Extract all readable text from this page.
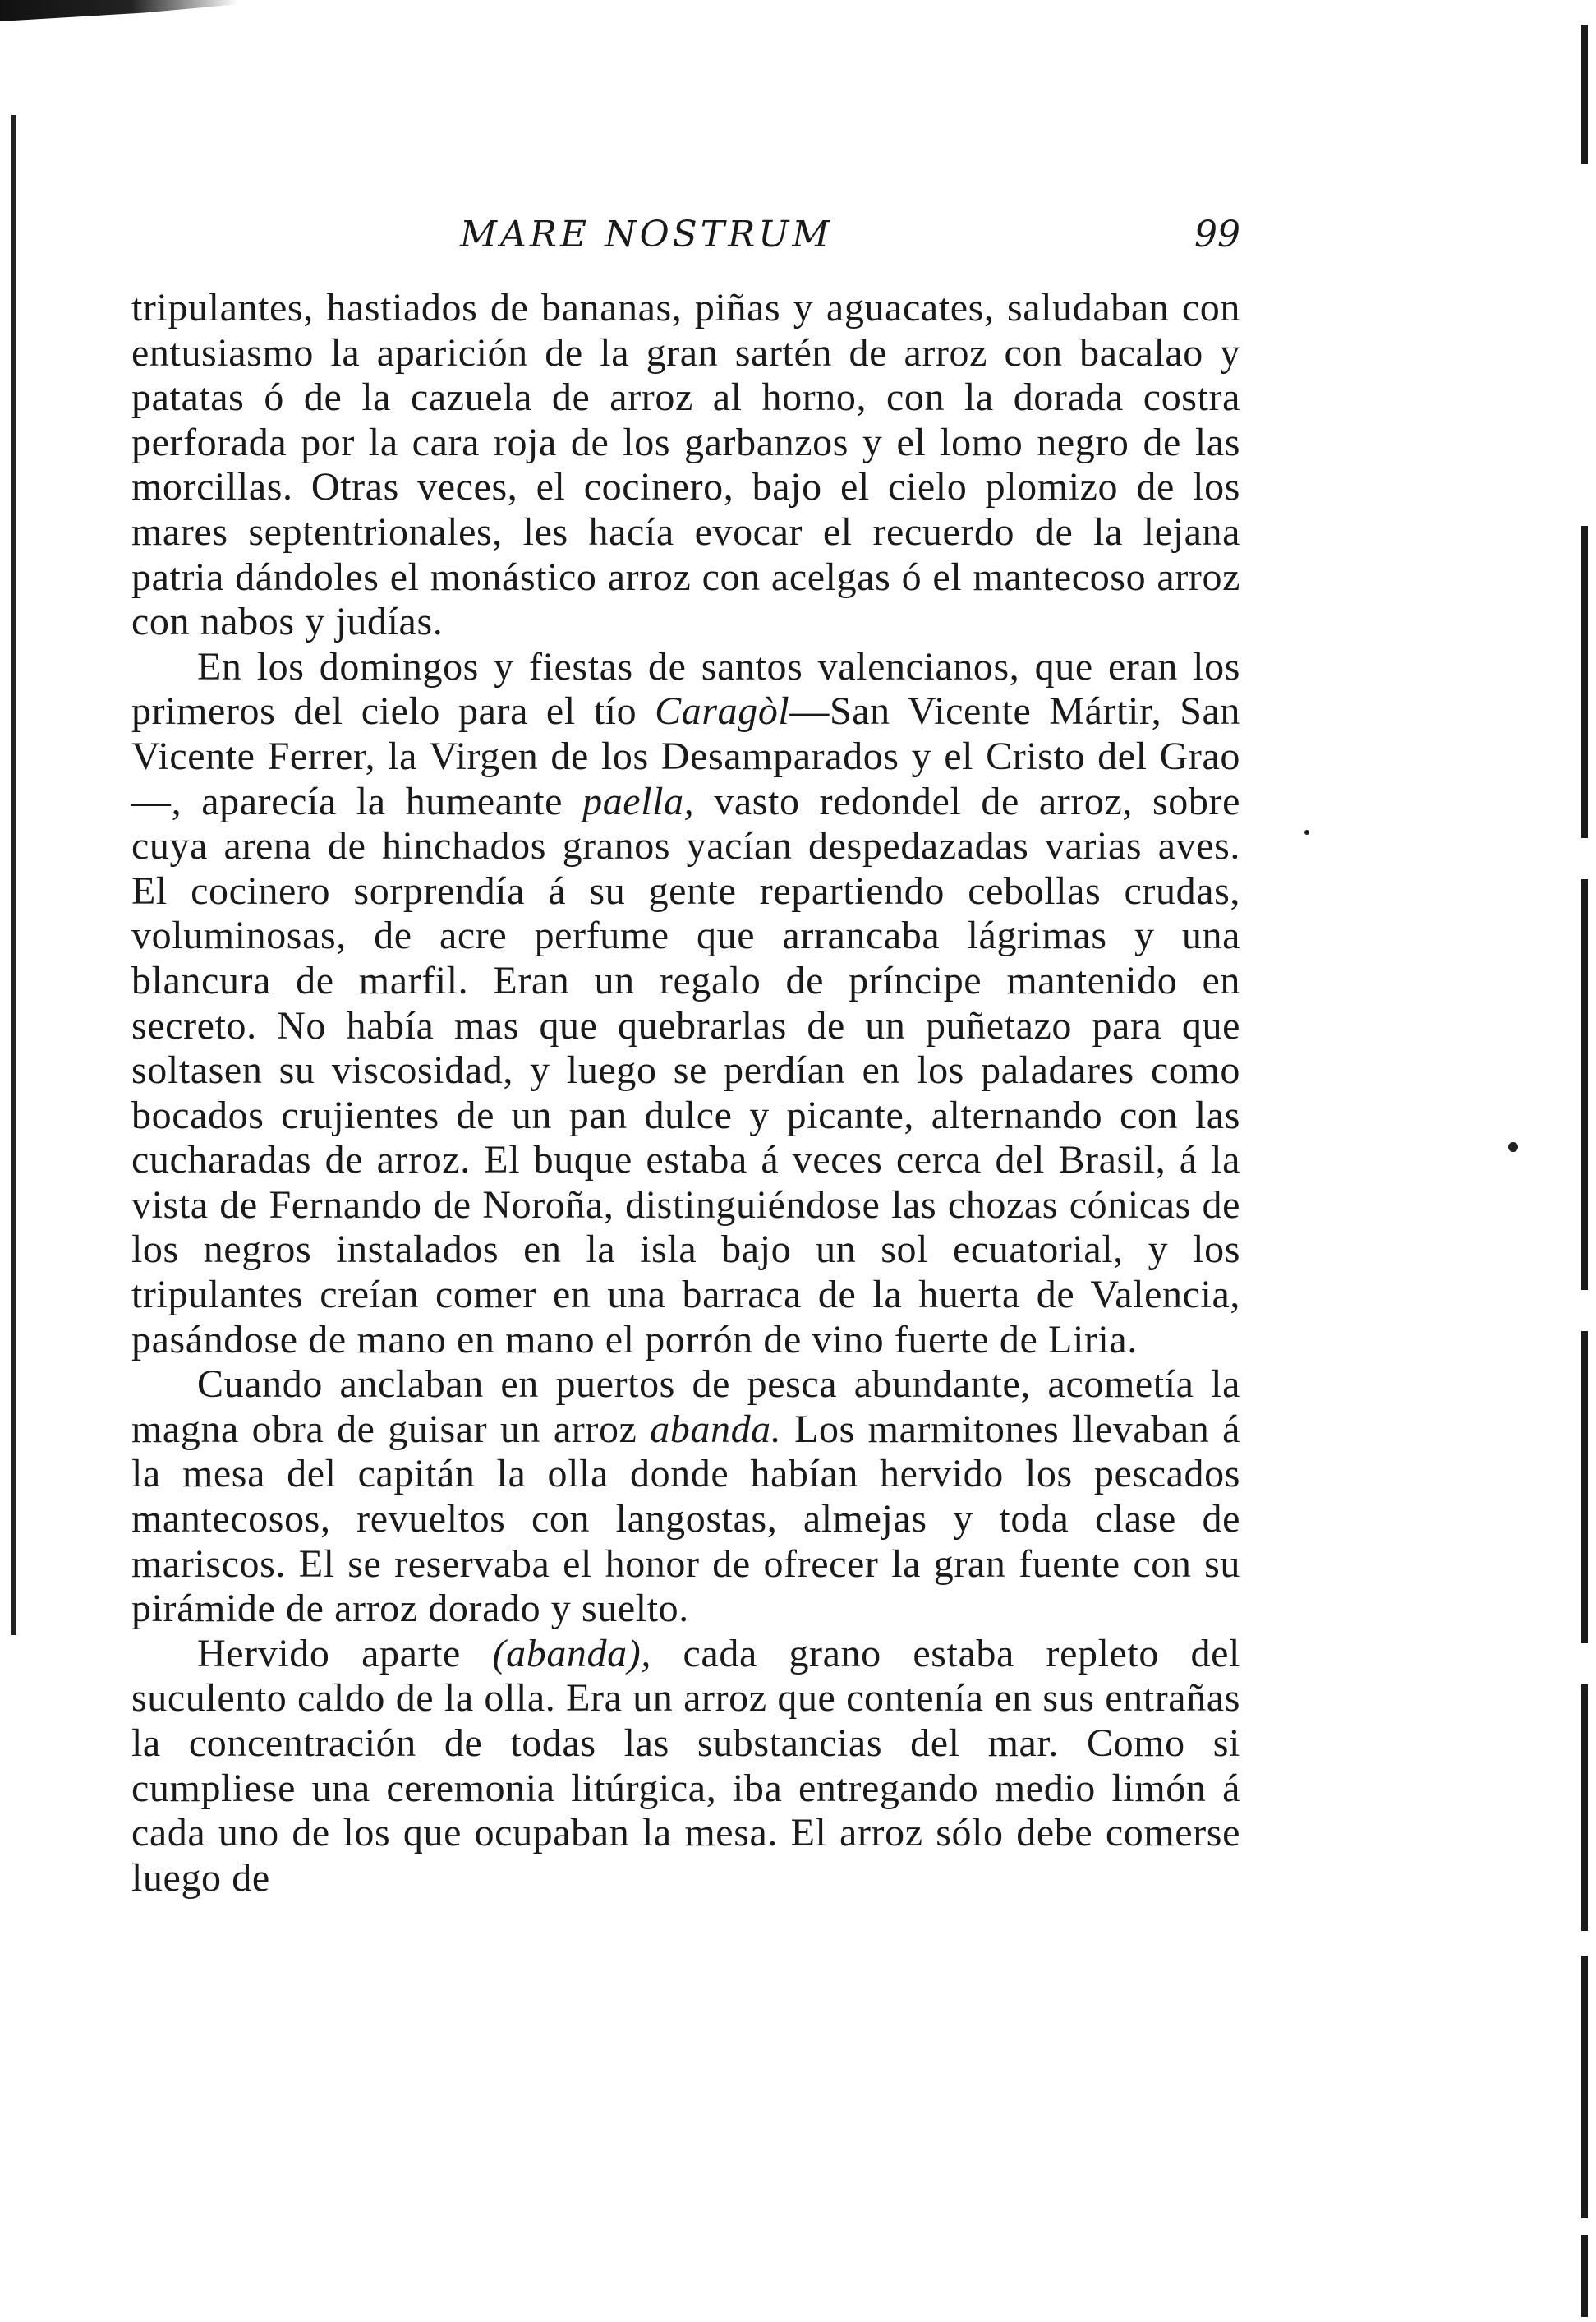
MARE NOSTRUM	99

tripulantes, hastiados de bananas, piñas y aguacates, saludaban con entusiasmo la aparición de la gran sartén de arroz con bacalao y patatas ó de la cazuela de arroz al horno, con la dorada costra perforada por la cara roja de los garbanzos y el lomo negro de las morcillas. Otras veces, el cocinero, bajo el cielo plomizo de los mares septentrionales, les hacía evocar el recuerdo de la lejana patria dándoles el monástico arroz con acelgas ó el mantecoso arroz con nabos y judías.

En los domingos y fiestas de santos valencianos, que eran los primeros del cielo para el tío Caragòl—San Vicente Mártir, San Vicente Ferrer, la Virgen de los Desamparados y el Cristo del Grao—, aparecía la humeante paella, vasto redondel de arroz, sobre cuya arena de hinchados granos yacían despedazadas varias aves. El cocinero sorprendía á su gente repartiendo cebollas crudas, voluminosas, de acre perfume que arrancaba lágrimas y una blancura de marfil. Eran un regalo de príncipe mantenido en secreto. No había mas que quebrarlas de un puñetazo para que soltasen su viscosidad, y luego se perdían en los paladares como bocados crujientes de un pan dulce y picante, alternando con las cucharadas de arroz. El buque estaba á veces cerca del Brasil, á la vista de Fernando de Noroña, distinguiéndose las chozas cónicas de los negros instalados en la isla bajo un sol ecuatorial, y los tripulantes creían comer en una barraca de la huerta de Valencia, pasándose de mano en mano el porrón de vino fuerte de Liria.

Cuando anclaban en puertos de pesca abundante, acometía la magna obra de guisar un arroz abanda. Los marmitones llevaban á la mesa del capitán la olla donde habían hervido los pescados mantecosos, revueltos con langostas, almejas y toda clase de mariscos. El se reservaba el honor de ofrecer la gran fuente con su pirámide de arroz dorado y suelto.

Hervido aparte (abanda), cada grano estaba repleto del suculento caldo de la olla. Era un arroz que contenía en sus entrañas la concentración de todas las substancias del mar. Como si cumpliese una ceremonia litúrgica, iba entregando medio limón á cada uno de los que ocupaban la mesa. El arroz sólo debe comerse luego de
